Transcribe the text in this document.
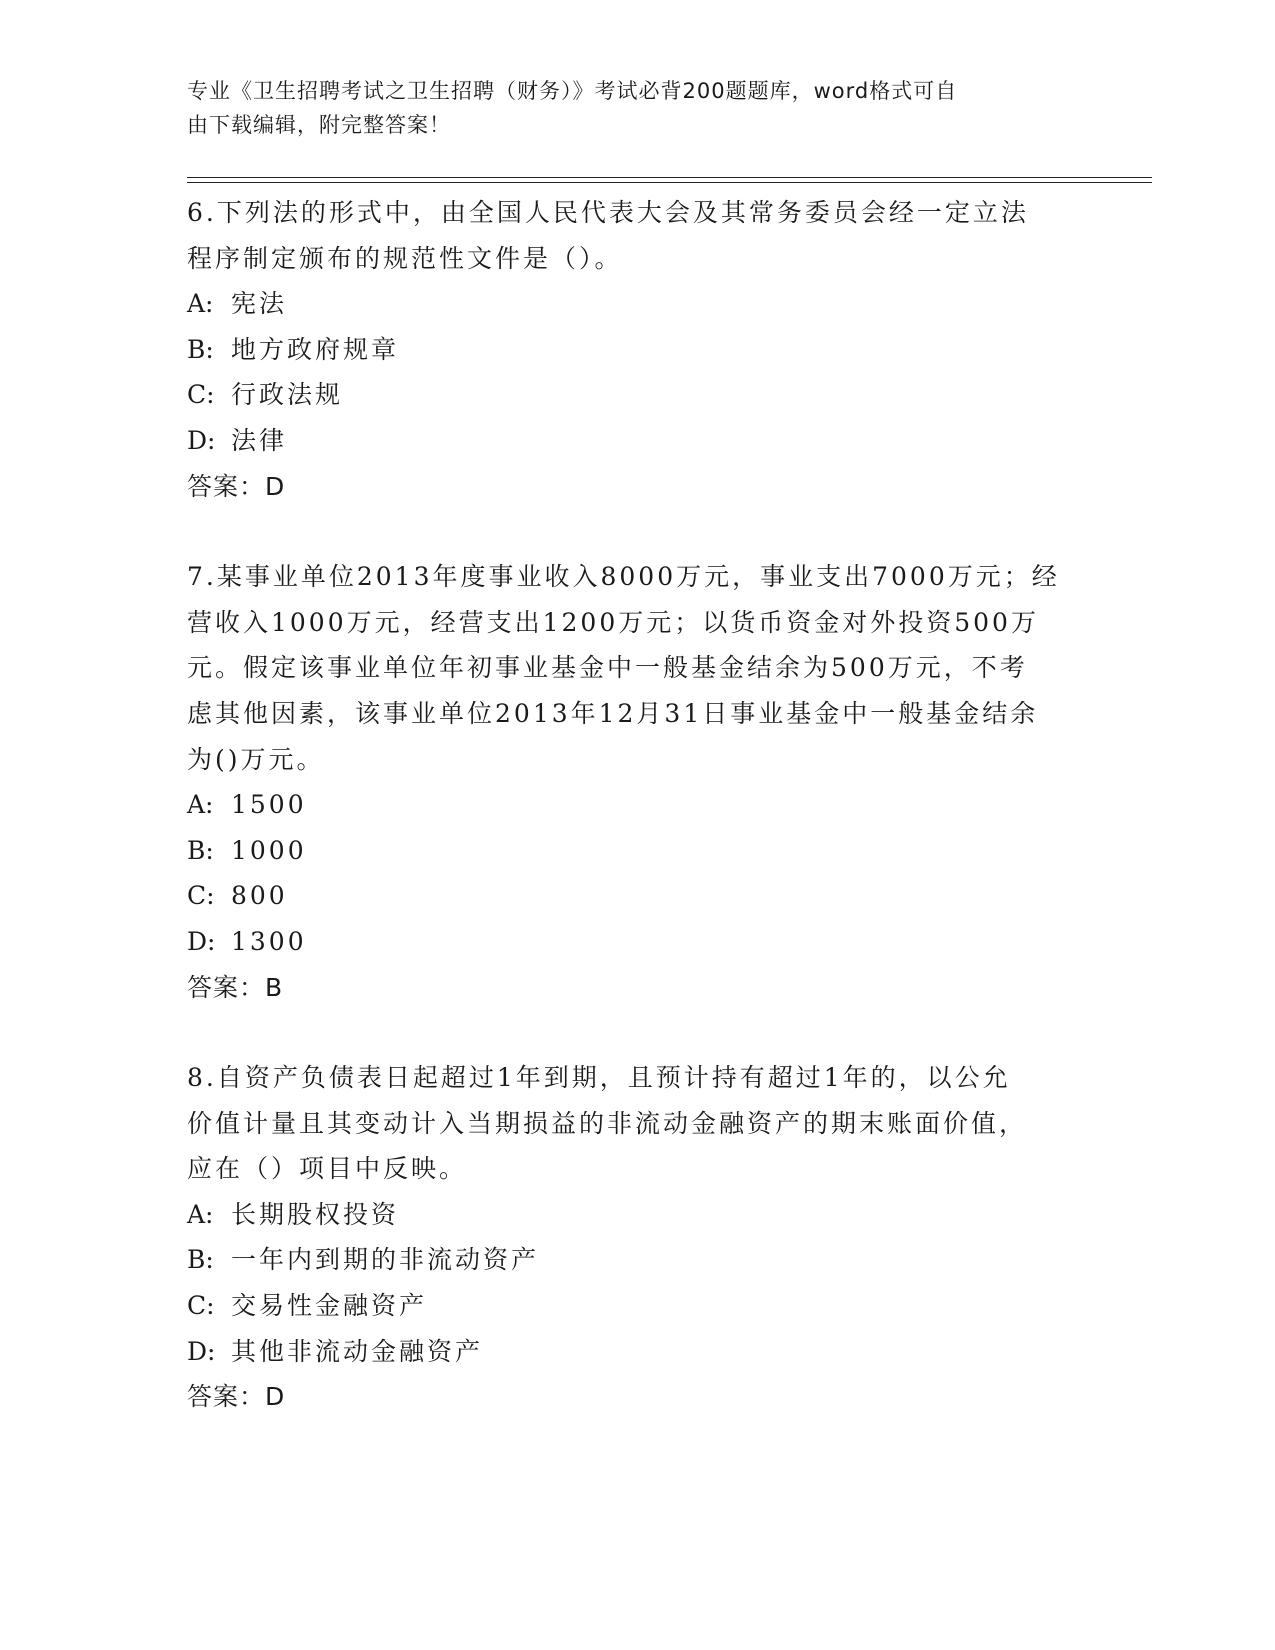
专业《卫生招聘考试之卫生招聘（财务）》考试必背200题题库，word格式可自
由下载编辑，附完整答案！

6.下列法的形式中，由全国人民代表大会及其常务委员会经一定立法

程序制定颁布的规范性文件是（）。

A: 宪法

B: 地方政府规章

C: 行政法规

D: 法律

答案：D

7.某事业单位2013年度事业收入8000万元，事业支出7000万元；经

营收入1000万元，经营支出1200万元；以货币资金对外投资500万

元。假定该事业单位年初事业基金中一般基金结余为500万元，不考

虑其他因素，该事业单位2013年12月31日事业基金中一般基金结余

为()万元。

A: 1500

B: 1000

C: 800

D: 1300

答案：B

8.自资产负债表日起超过1年到期，且预计持有超过1年的，以公允

价值计量且其变动计入当期损益的非流动金融资产的期末账面价值，

应在（）项目中反映。

A: 长期股权投资

B: 一年内到期的非流动资产

C: 交易性金融资产

D: 其他非流动金融资产

答案：D
